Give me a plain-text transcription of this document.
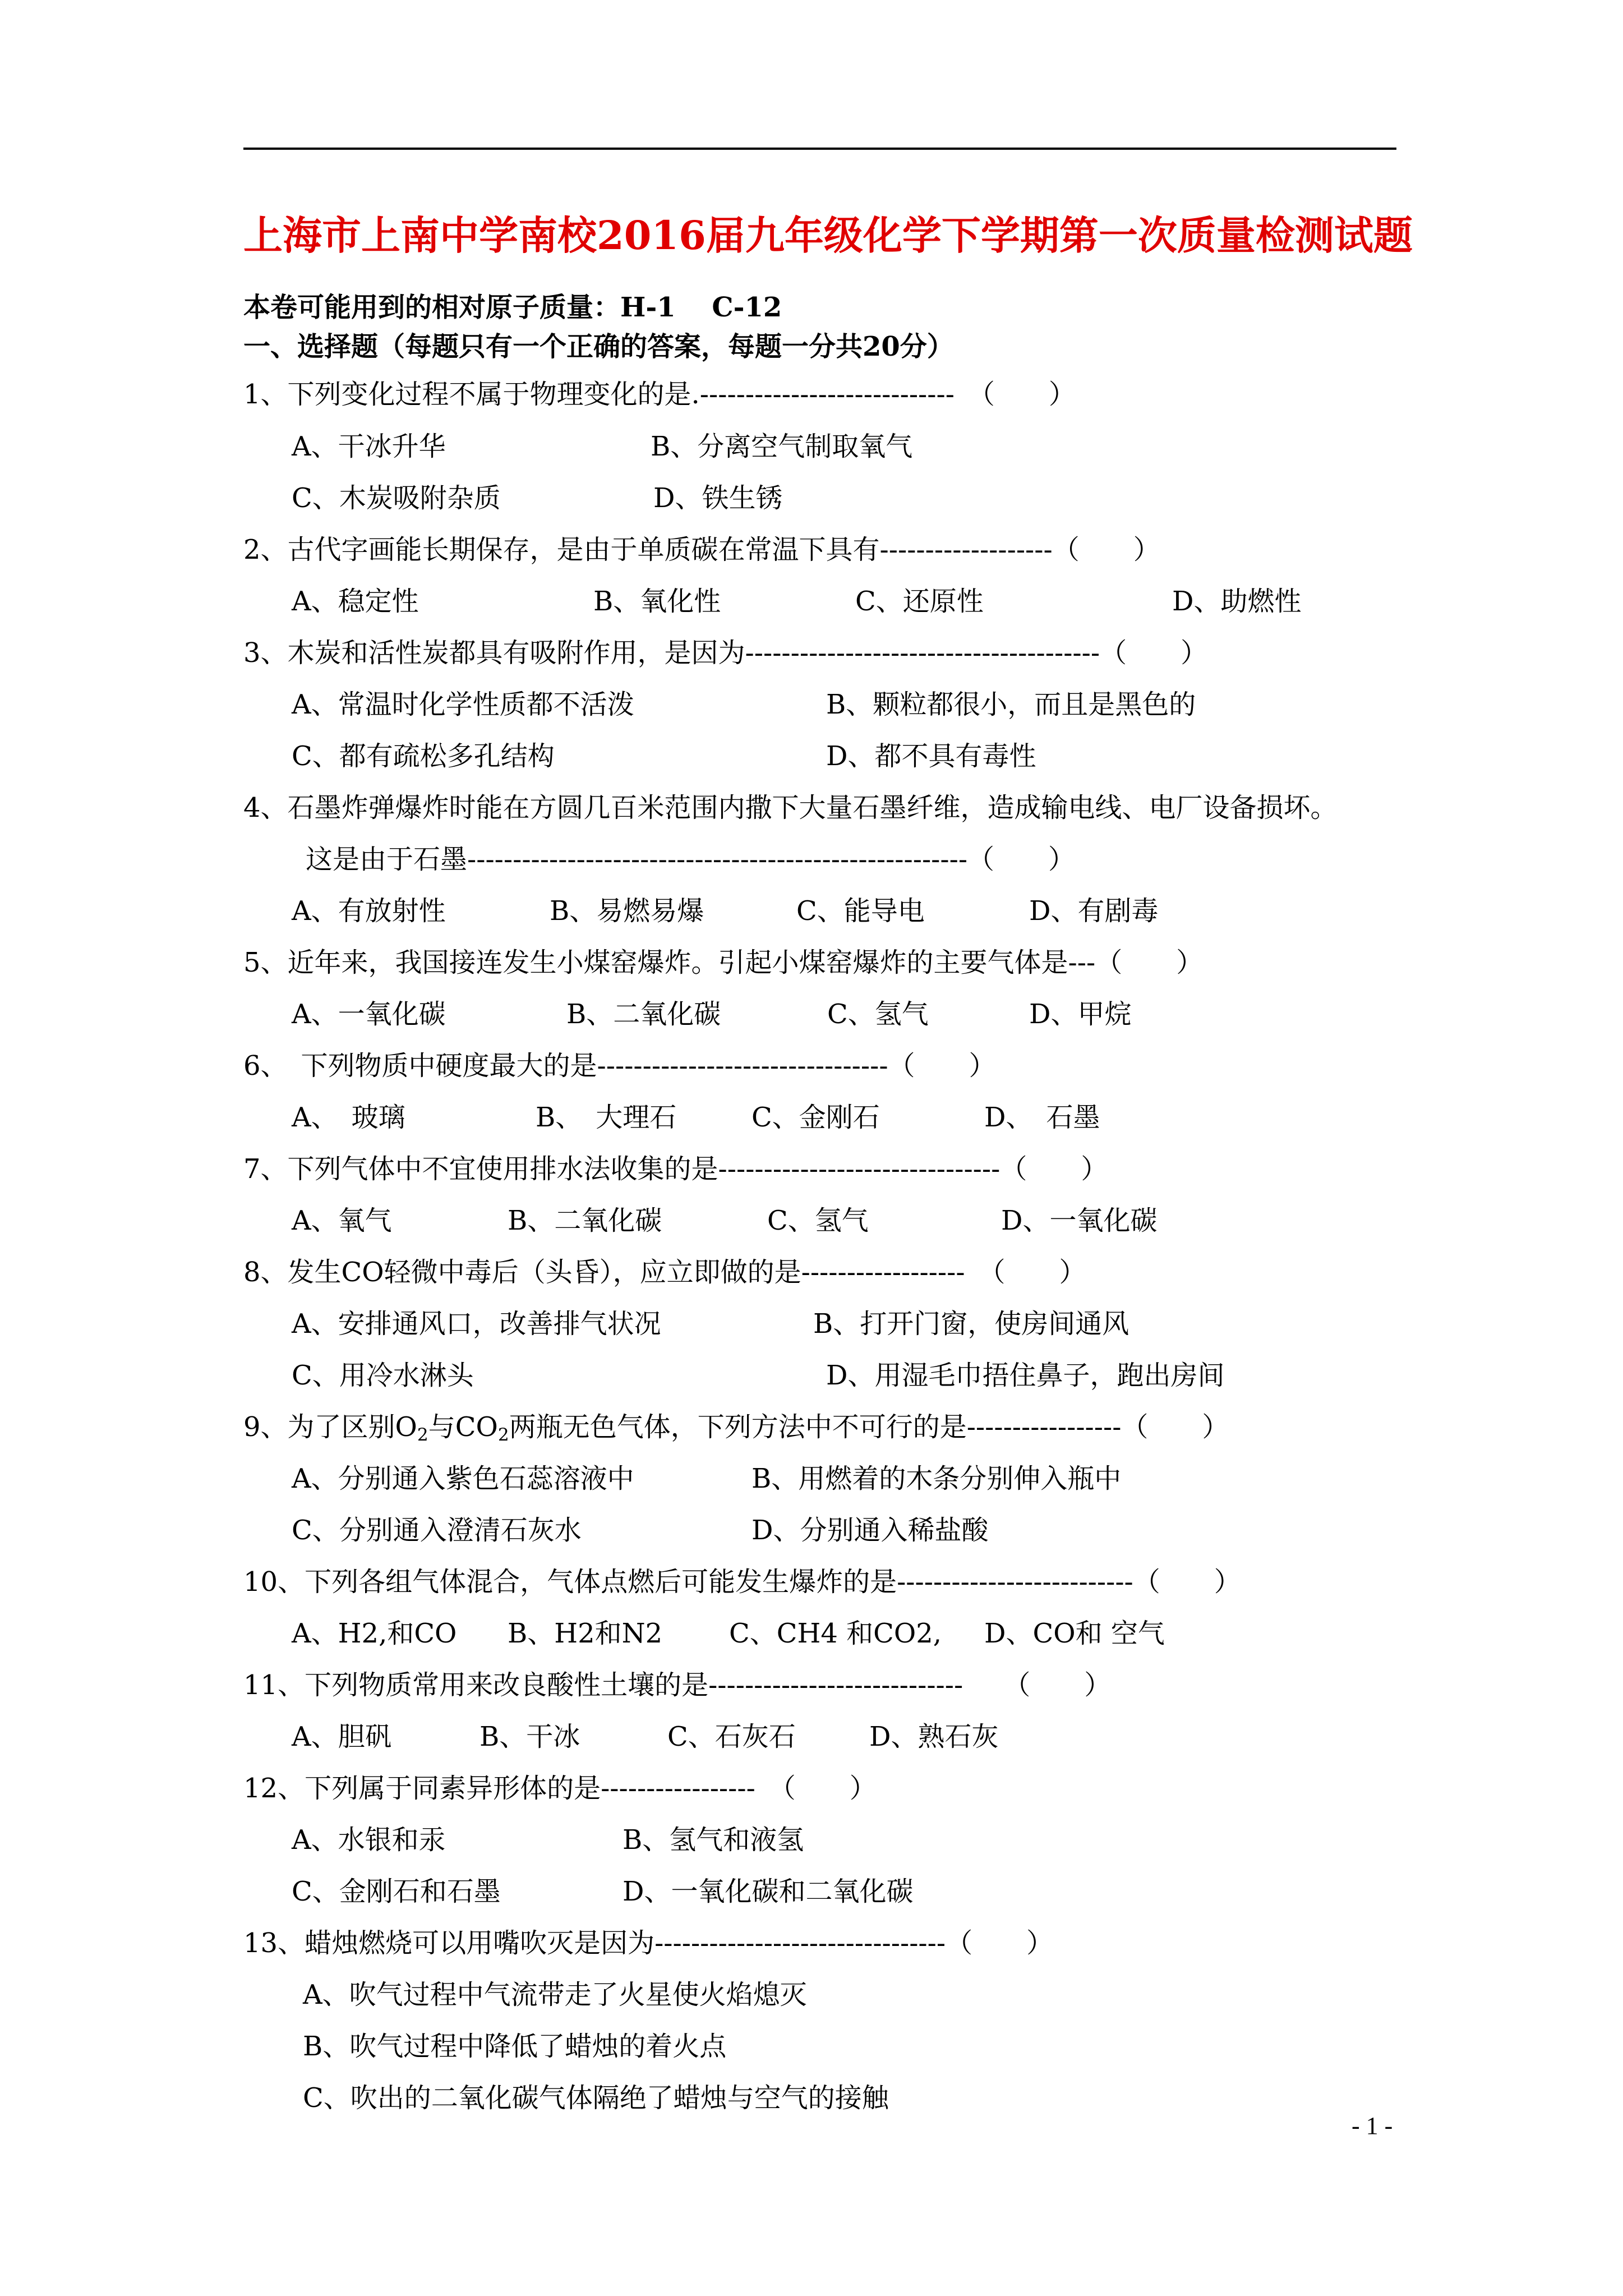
上海市上南中学南校2016届九年级化学下学期第一次质量检测试题
本卷可能用到的相对原子质量：H-1　 C-12
一、选择题（每题只有一个正确的答案，每题一分共20分）
1、下列变化过程不属于物理变化的是.----------------------------　（　　）
A、干冰升华	B、分离空气制取氧气
C、木炭吸附杂质	D、铁生锈
2、古代字画能长期保存，是由于单质碳在常温下具有-------------------（　　）
A、稳定性	B、氧化性	C、还原性	D、助燃性
3、木炭和活性炭都具有吸附作用，是因为---------------------------------------（　　）
A、常温时化学性质都不活泼	B、颗粒都很小，而且是黑色的
C、都有疏松多孔结构	D、都不具有毒性
4、石墨炸弹爆炸时能在方圆几百米范围内撒下大量石墨纤维，造成输电线、电厂设备损坏。
这是由于石墨-------------------------------------------------------（　　）
A、有放射性	B、易燃易爆	C、能导电	D、有剧毒
5、近年来，我国接连发生小煤窑爆炸。引起小煤窑爆炸的主要气体是---（　　）
A、一氧化碳	B、二氧化碳	C、氢气	D、甲烷
6、　下列物质中硬度最大的是--------------------------------（　　）
A、　玻璃	B、　大理石	C、金刚石	D、　石墨
7、下列气体中不宜使用排水法收集的是-------------------------------（　　）
A、氧气	B、二氧化碳	C、氢气	D、一氧化碳
8、发生CO轻微中毒后（头昏），应立即做的是------------------　（　　）
A、安排通风口，改善排气状况	B、打开门窗，使房间通风
C、用冷水淋头	D、用湿毛巾捂住鼻子，跑出房间
9、为了区别$O_2$与$CO_2$两瓶无色气体，下列方法中不可行的是-----------------（　　）
A、分别通入紫色石蕊溶液中	B、用燃着的木条分别伸入瓶中
C、分别通入澄清石灰水	D、分别通入稀盐酸
10、下列各组气体混合，气体点燃后可能发生爆炸的是--------------------------（　　）
A、H2,和CO B、H2和N2 C、CH4 和CO2, D、CO和 空气
11、下列物质常用来改良酸性土壤的是----------------------------　　（　　）
A、胆矾	B、干冰	C、石灰石	D、熟石灰
12、下列属于同素异形体的是-----------------　（　　）
A、水银和汞	B、氢气和液氢
C、金刚石和石墨	D、一氧化碳和二氧化碳
13、蜡烛燃烧可以用嘴吹灭是因为--------------------------------（　　）
A、吹气过程中气流带走了火星使火焰熄灭
B、吹气过程中降低了蜡烛的着火点
C、吹出的二氧化碳气体隔绝了蜡烛与空气的接触
- 1 -
